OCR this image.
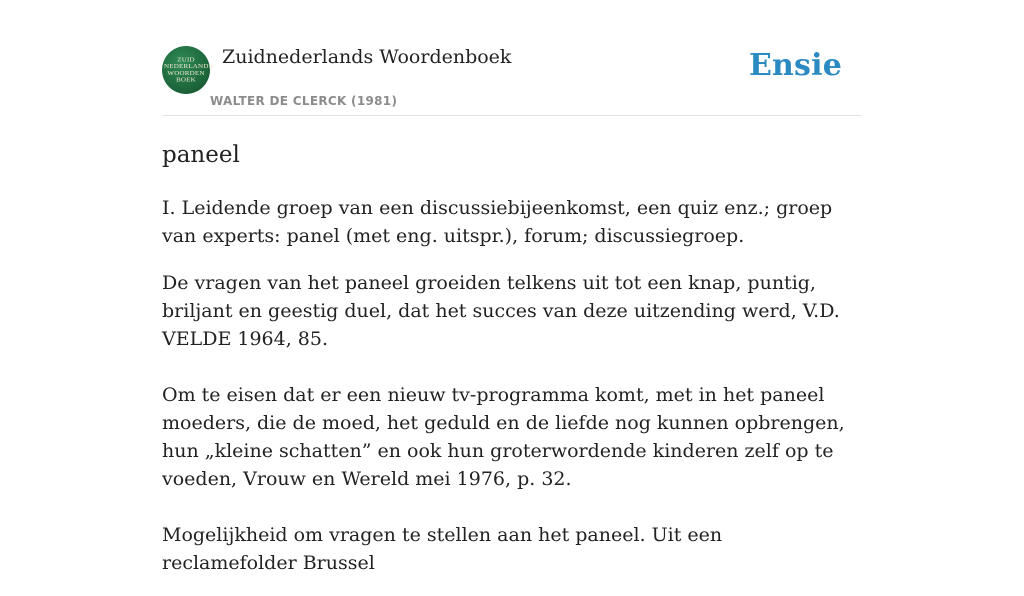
ZUID
NEDERLANDS
WOORDEN
BOEK
Zuidnederlands Woordenboek
WALTER DE CLERCK (1981)
Ensie
paneel

I. Leidende groep van een discussiebijeenkomst, een quiz enz.; groep van experts: panel (met eng. uitspr.), forum; discussiegroep.

De vragen van het paneel groeiden telkens uit tot een knap, puntig, briljant en geestig duel, dat het succes van deze uitzending werd, V.D. VELDE 1964, 85.

Om te eisen dat er een nieuw tv-programma komt, met in het paneel moeders, die de moed, het geduld en de liefde nog kunnen opbrengen, hun „kleine schatten” en ook hun groterwordende kinderen zelf op te voeden, Vrouw en Wereld mei 1976, p. 32.

Mogelijkheid om vragen te stellen aan het paneel. Uit een reclamefolder Brussel
